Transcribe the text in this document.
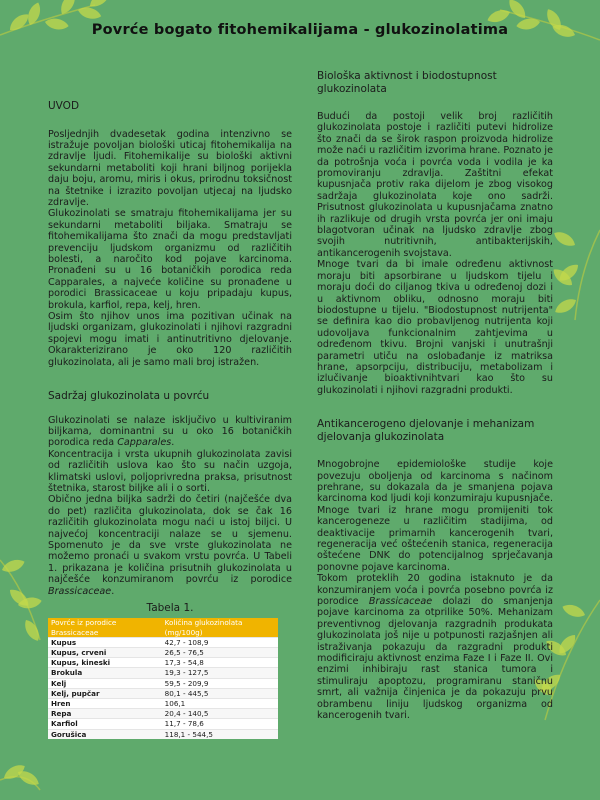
Povrće bogato fitohemikalijama - glukozinolatima
UVOD

Posljednjih dvadesetak godina intenzivno se istražuje povoljan biološki uticaj fitohemikalija na zdravlje ljudi. Fitohemikalije su biološki aktivni sekundarni metaboliti koji hrani biljnog porijekla daju boju, aromu, miris i okus, prirodnu toksičnost na štetnike i izrazito povoljan utjecaj na ljudsko zdravlje.

Glukozinolati se smatraju fitohemikalijama jer su sekundarni metaboliti biljaka. Smatraju se fitohemikalijama što znači da mogu predstavljati prevenciju ljudskom organizmu od različitih bolesti, a naročito kod pojave karcinoma. Pronađeni su u 16 botaničkih porodica reda Capparales, a najveće količine su pronađene u porodici Brassicaceae u koju pripadaju kupus, brokula, karfiol, repa, kelj, hren.

Osim što njihov unos ima pozitivan učinak na ljudski organizam, glukozinolati i njihovi razgradni spojevi mogu imati i antinutritivno djelovanje. Okarakterizirano je oko 120 različitih glukozinolata, ali je samo mali broj istražen.

Sadržaj glukozinolata u povrću

Glukozinolati se nalaze isključivo u kultiviranim biljkama, dominantni su u oko 16 botaničkih porodica reda Capparales.

Koncentracija i vrsta ukupnih glukozinolata zavisi od različitih uslova kao što su način uzgoja, klimatski uslovi, poljoprivredna praksa, prisutnost štetnika, starost biljke ali i o sorti.

Obično jedna biljka sadrži do četiri (najčešće dva do pet) različita glukozinolata, dok se čak 16 različitih glukozinolata mogu naći u istoj biljci. U najvećoj koncentraciji nalaze se u sjemenu. Spomenuto je da sve vrste glukozinolata ne možemo pronaći u svakom vrstu povrća. U Tabeli 1. prikazana je količina prisutnih glukozinolata u najčešće konzumiranom povrću iz porodice Brassicaceae.

Tabela 1.
Povrće iz porodice Brassicaceae	Količina glukozinolata (mg/100g)
Kupus	42,7 - 108,9
Kupus, crveni	26,5 - 76,5
Kupus, kineski	17,3 - 54,8
Brokula	19,3 - 127,5
Kelj	59,5 - 209,9
Kelj, pupčar	80,1 - 445,5
Hren	106,1
Repa	20,4 - 140,5
Karfiol	11,7 - 78,6
Gorušica	118,1 - 544,5
Biološka aktivnost i biodostupnost glukozinolata

Budući da postoji velik broj različitih glukozinolata postoje i različiti putevi hidrolize što znači da se širok raspon proizvoda hidrolize može naći u različitim izvorima hrane. Poznato je da potrošnja voća i povrća voda i vodila je ka promoviranju zdravlja. Zaštitni efekat kupusnjača protiv raka dijelom je zbog visokog sadržaja glukozinolata koje ono sadrži. Prisutnost glukozinolata u kupusnjačama znatno ih razlikuje od drugih vrsta povrća jer oni imaju blagotvoran učinak na ljudsko zdravlje zbog svojih nutritivnih, antibakterijskih, antikancerogenih svojstava.

Mnoge tvari da bi imale određenu aktivnost moraju biti apsorbirane u ljudskom tijelu i moraju doći do ciljanog tkiva u određenoj dozi i u aktivnom obliku, odnosno moraju biti biodostupne u tijelu. "Biodostupnost nutrijenta" se definira kao dio probavljenog nutrijenta koji udovoljava funkcionalnim zahtjevima u određenom tkivu. Brojni vanjski i unutrašnji parametri utiču na oslobađanje iz matriksa hrane, apsorpciju, distribuciju, metabolizam i izlučivanje bioaktivnihtvari kao što su glukozinolati i njihovi razgradni produkti.

Antikancerogeno djelovanje i mehanizam djelovanja glukozinolata

Mnogobrojne epidemiološke studije koje povezuju oboljenja od karcinoma s načinom prehrane, su dokazala da je smanjena pojava karcinoma kod ljudi koji konzumiraju kupusnjače. Mnoge tvari iz hrane mogu promijeniti tok kancerogeneze u različitim stadijima, od deaktivacije primarnih kancerogenih tvari, regeneracija već oštećenih stanica, regeneracija oštećene DNK do potencijalnog sprječavanja ponovne pojave karcinoma.

Tokom proteklih 20 godina istaknuto je da konzumiranjem voća i povrća posebno povrća iz porodice Brassicaceae dolazi do smanjenja pojave karcinoma za otprilike 50%. Mehanizam preventivnog djelovanja razgradnih produkata glukozinolata još nije u potpunosti razjašnjen ali istraživanja pokazuju da razgradni produkti modificiraju aktivnost enzima Faze I i Faze II. Ovi enzimi inhibiraju rast stanica tumora i stimuliraju apoptozu, programiranu staničnu smrt, ali važnija činjenica je da pokazuju prvu obrambenu liniju ljudskog organizma od kancerogenih tvari.
